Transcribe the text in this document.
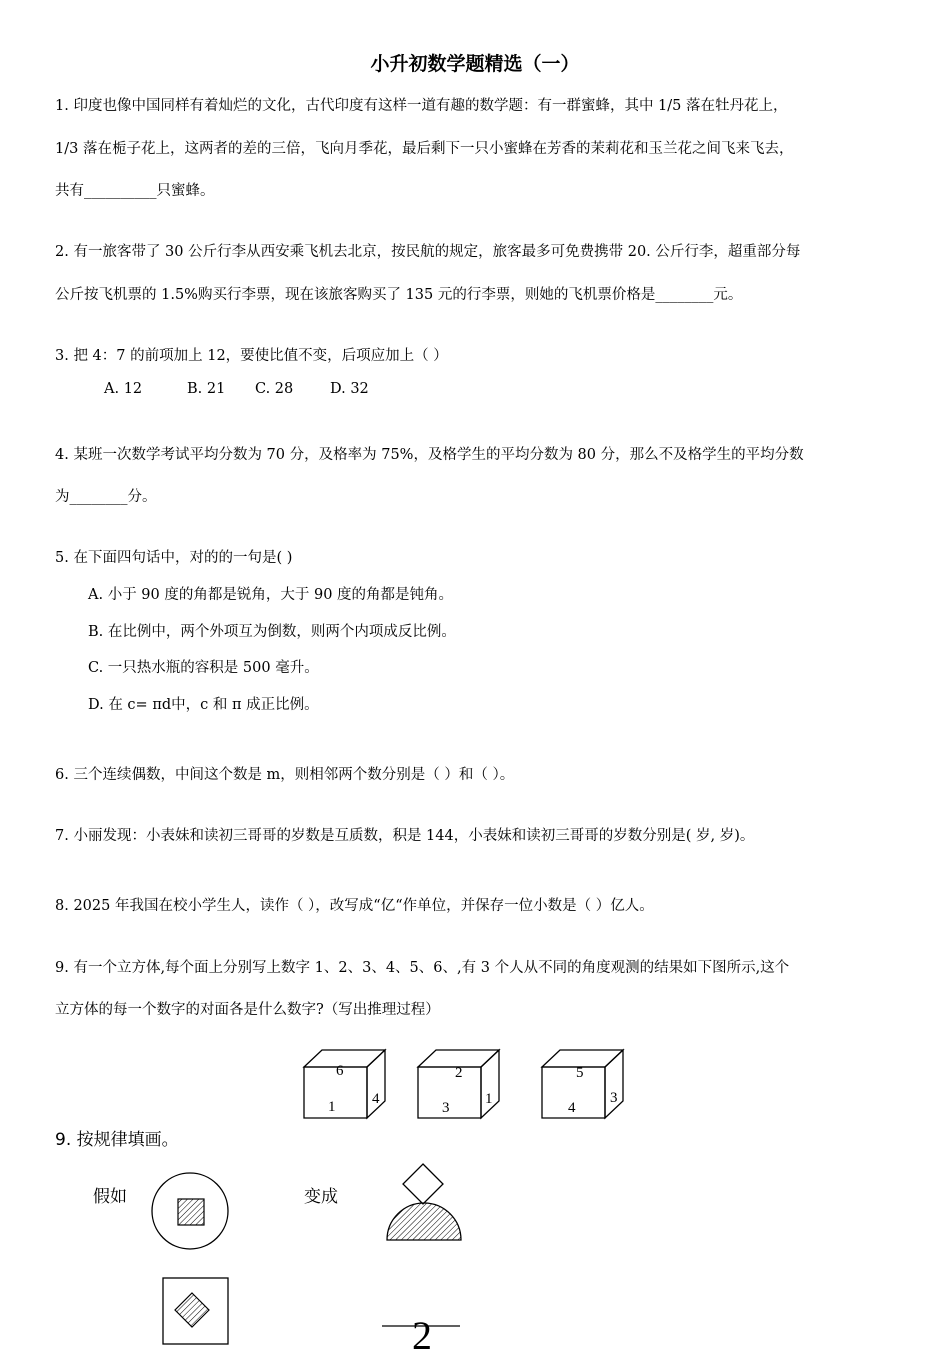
小升初数学题精选（一）
1. 印度也像中国同样有着灿烂的文化，古代印度有这样一道有趣的数学题：有一群蜜蜂，其中 1/5 落在牡丹花上，
1/3 落在栀子花上，这两者的差的三倍，飞向月季花，最后剩下一只小蜜蜂在芳香的茉莉花和玉兰花之间飞来飞去，
共有__________只蜜蜂。
2. 有一旅客带了 30 公斤行李从西安乘飞机去北京，按民航的规定，旅客最多可免费携带 20. 公斤行李，超重部分每
公斤按飞机票的 1.5%购买行李票，现在该旅客购买了 135 元的行李票，则她的飞机票价格是________元。
3. 把 4：7 的前项加上 12，要使比值不变，后项应加上（ ）
A. 12	B. 21 C. 28	D. 32
4. 某班一次数学考试平均分数为 70 分，及格率为 75%，及格学生的平均分数为 80 分，那么不及格学生的平均分数
为________分。
5. 在下面四句话中，对的的一句是( )
A. 小于 90 度的角都是锐角，大于 90 度的角都是钝角。
B. 在比例中，两个外项互为倒数，则两个内项成反比例。
C. 一只热水瓶的容积是 500 毫升。
D. 在 c= πd中，c 和 π 成正比例。
6. 三个连续偶数，中间这个数是 m，则相邻两个数分别是（ ）和（ ）。
7. 小丽发现：小表妹和读初三哥哥的岁数是互质数，积是 144，小表妹和读初三哥哥的岁数分别是( 岁, 岁)。
8. 2025 年我国在校小学生人，读作（ ），改写成“亿“作单位，并保存一位小数是（ ）亿人。
9. 有一个立方体,每个面上分别写上数字 1、2、3、4、5、6、,有 3 个人从不同的角度观测的结果如下图所示,这个
立方体的每一个数字的对面各是什么数字?（写出推理过程）
6
1 4
2
3
1
5
4
3
9. 按规律填画。
假如	变成
2
